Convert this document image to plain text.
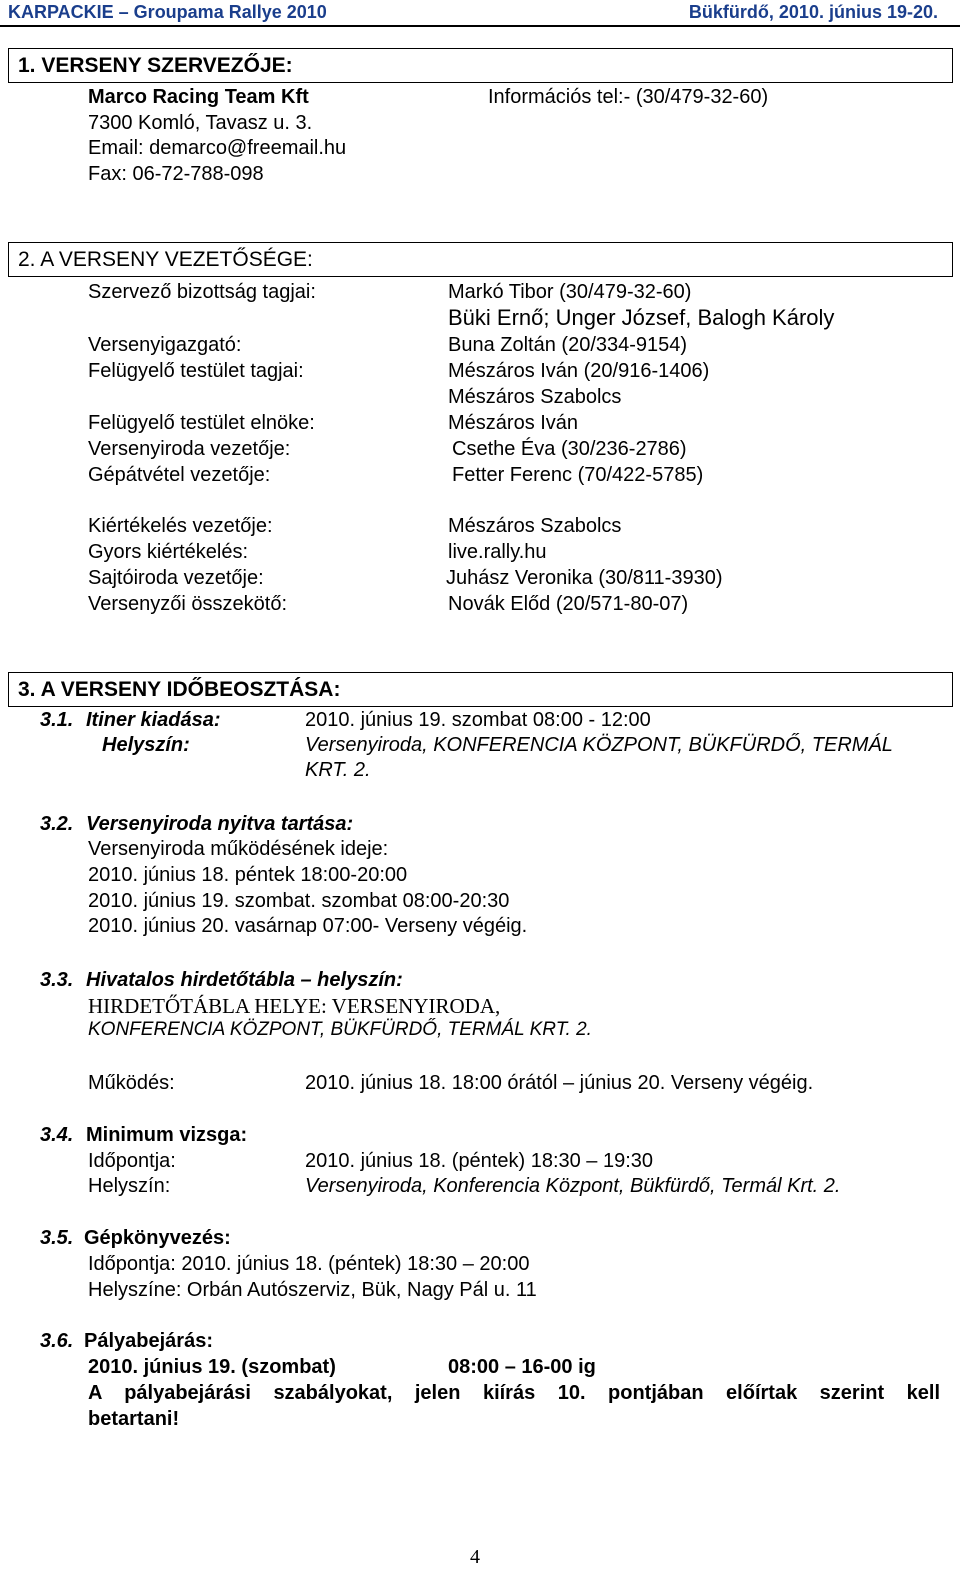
KARPACKIE – Groupama Rallye 2010	Bükfürdő, 2010. június 19-20.
1. VERSENY SZERVEZŐJE:
Marco Racing Team Kft	Információs tel:- (30/479-32-60)
7300 Komló, Tavasz u. 3.
Email: demarco@freemail.hu
Fax: 06-72-788-098
2. A VERSENY VEZETŐSÉGE:
Szervező bizottság tagjai:	Markó Tibor (30/479-32-60)
Büki Ernő; Unger József, Balogh Károly
Versenyigazgató:	Buna Zoltán (20/334-9154)
Felügyelő testület tagjai:	Mészáros Iván (20/916-1406)
Mészáros Szabolcs
Felügyelő testület elnöke:	Mészáros Iván
Versenyiroda vezetője:	Csethe Éva (30/236-2786)
Gépátvétel vezetője:	Fetter Ferenc (70/422-5785)
Kiértékelés vezetője:	Mészáros Szabolcs
Gyors kiértékelés:	live.rally.hu
Sajtóiroda vezetője:	Juhász Veronika (30/811-3930)
Versenyzői összekötő:	Novák Előd (20/571-80-07)
3. A VERSENY IDŐBEOSZTÁSA:
3.1. Itiner kiadása:	2010. június 19. szombat 08:00 - 12:00
Helyszín:	Versenyiroda, KONFERENCIA KÖZPONT, BÜKFÜRDŐ, TERMÁL
KRT. 2.
3.2. Versenyiroda nyitva tartása:
Versenyiroda működésének ideje:
2010. június 18. péntek 18:00-20:00
2010. június 19. szombat. szombat 08:00-20:30
2010. június 20. vasárnap 07:00- Verseny végéig.
3.3. Hivatalos hirdetőtábla – helyszín:
HIRDETŐTÁBLA HELYE: VERSENYIRODA,
KONFERENCIA KÖZPONT, BÜKFÜRDŐ, TERMÁL KRT. 2.
Működés:	2010. június 18. 18:00 órától – június 20. Verseny végéig.
3.4. Minimum vizsga:
Időpontja:	2010. június 18. (péntek) 18:30 – 19:30
Helyszín:	Versenyiroda, Konferencia Központ, Bükfürdő, Termál Krt. 2.
3.5. Gépkönyvezés:
Időpontja: 2010. június 18. (péntek) 18:30 – 20:00
Helyszíne: Orbán Autószerviz, Bük, Nagy Pál u. 11
3.6. Pályabejárás:
2010. június 19. (szombat)	08:00 – 16-00 ig
A pályabejárási szabályokat, jelen kiírás 10. pontjában előírtak szerint kell
betartani!
4
